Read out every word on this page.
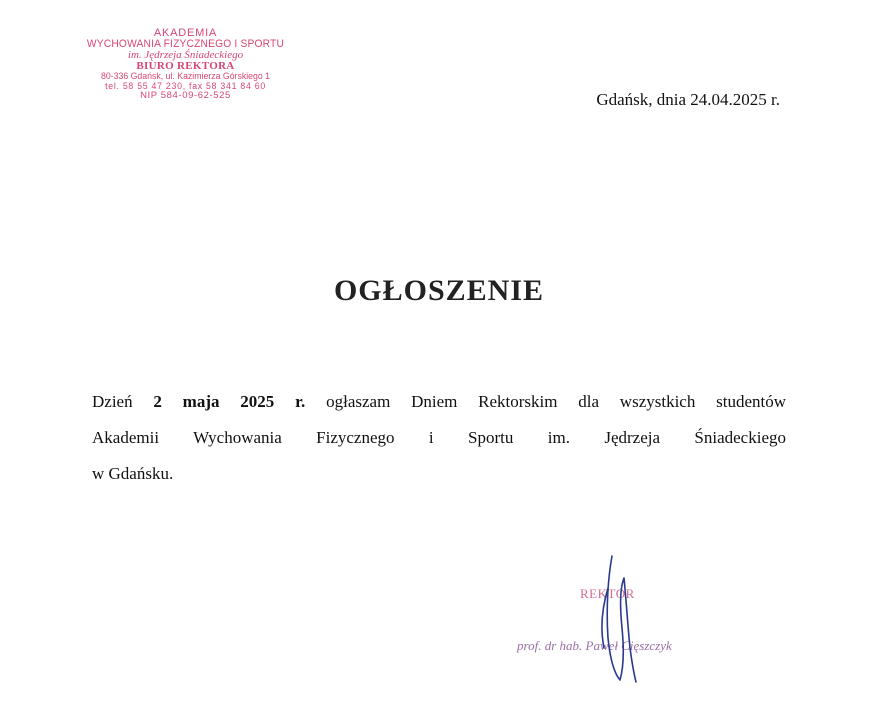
AKADEMIA
WYCHOWANIA FIZYCZNEGO I SPORTU
im. Jędrzeja Śniadeckiego
BIURO REKTORA
80-336 Gdańsk, ul. Kazimierza Górskiego 1
tel. 58 55 47 230, fax 58 341 84 60
NIP 584-09-62-525	Gdańsk, dnia 24.04.2025 r.
OGŁOSZENIE

Dzień 2 maja 2025 r. ogłaszam Dniem Rektorskim dla wszystkich studentów

Akademii Wychowania Fizycznego i Sportu im. Jędrzeja Śniadeckiego

w Gdańsku.

REKTOR
prof. dr hab. Paweł Cięszczyk
